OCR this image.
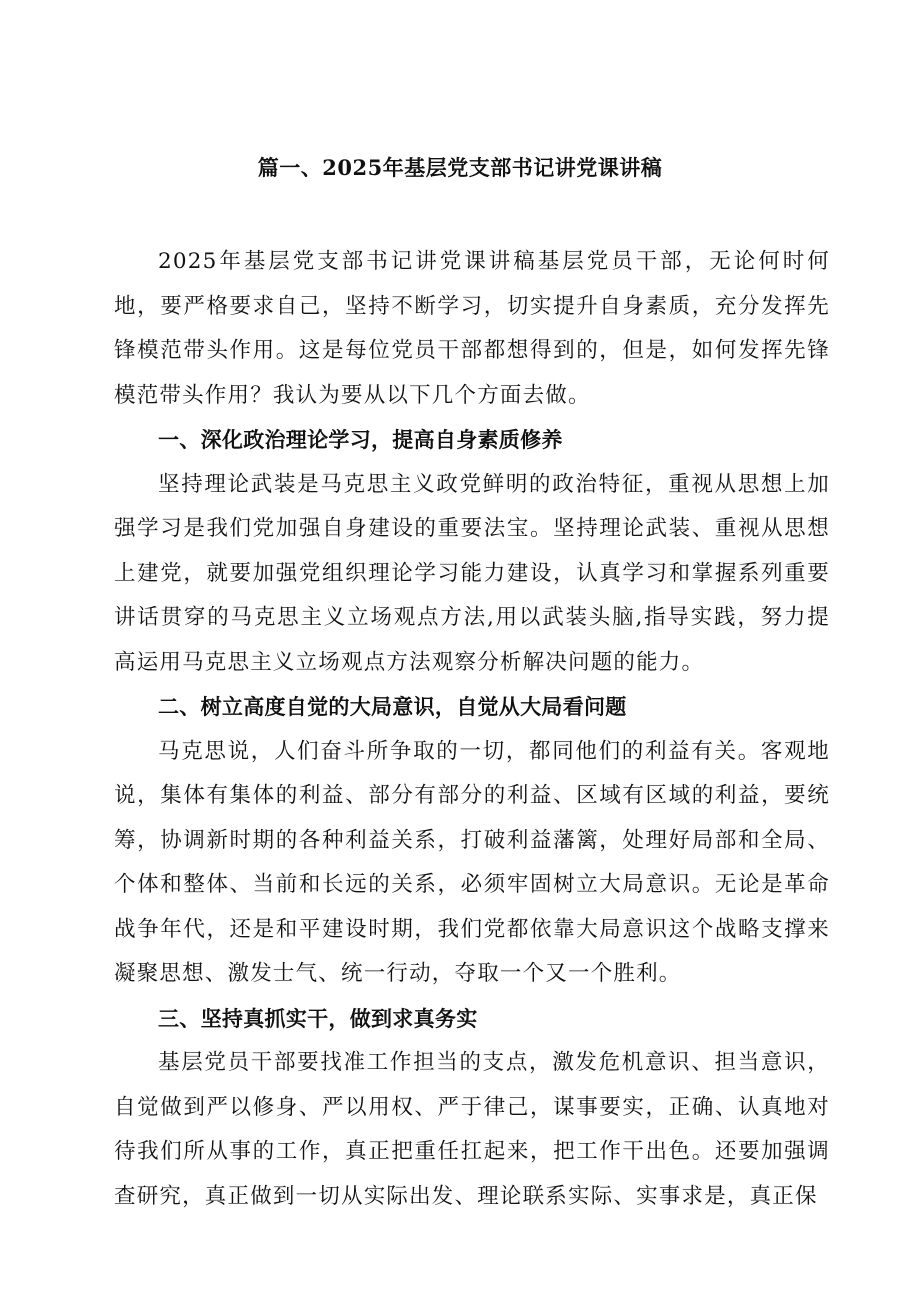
篇一、2025年基层党支部书记讲党课讲稿

2025年基层党支部书记讲党课讲稿基层党员干部，无论何时何地，要严格要求自己，坚持不断学习，切实提升自身素质，充分发挥先锋模范带头作用。这是每位党员干部都想得到的，但是，如何发挥先锋模范带头作用？我认为要从以下几个方面去做。

一、深化政治理论学习，提高自身素质修养

坚持理论武装是马克思主义政党鲜明的政治特征，重视从思想上加强学习是我们党加强自身建设的重要法宝。坚持理论武装、重视从思想上建党，就要加强党组织理论学习能力建设，认真学习和掌握系列重要讲话贯穿的马克思主义立场观点方法,用以武装头脑,指导实践，努力提高运用马克思主义立场观点方法观察分析解决问题的能力。

二、树立高度自觉的大局意识，自觉从大局看问题

马克思说，人们奋斗所争取的一切，都同他们的利益有关。客观地说，集体有集体的利益、部分有部分的利益、区域有区域的利益，要统筹，协调新时期的各种利益关系，打破利益藩篱，处理好局部和全局、个体和整体、当前和长远的关系，必须牢固树立大局意识。无论是革命战争年代，还是和平建设时期，我们党都依靠大局意识这个战略支撑来凝聚思想、激发士气、统一行动，夺取一个又一个胜利。

三、坚持真抓实干，做到求真务实

基层党员干部要找准工作担当的支点，激发危机意识、担当意识，自觉做到严以修身、严以用权、严于律己，谋事要实，正确、认真地对待我们所从事的工作，真正把重任扛起来，把工作干出色。还要加强调查研究，真正做到一切从实际出发、理论联系实际、实事求是，真正保
